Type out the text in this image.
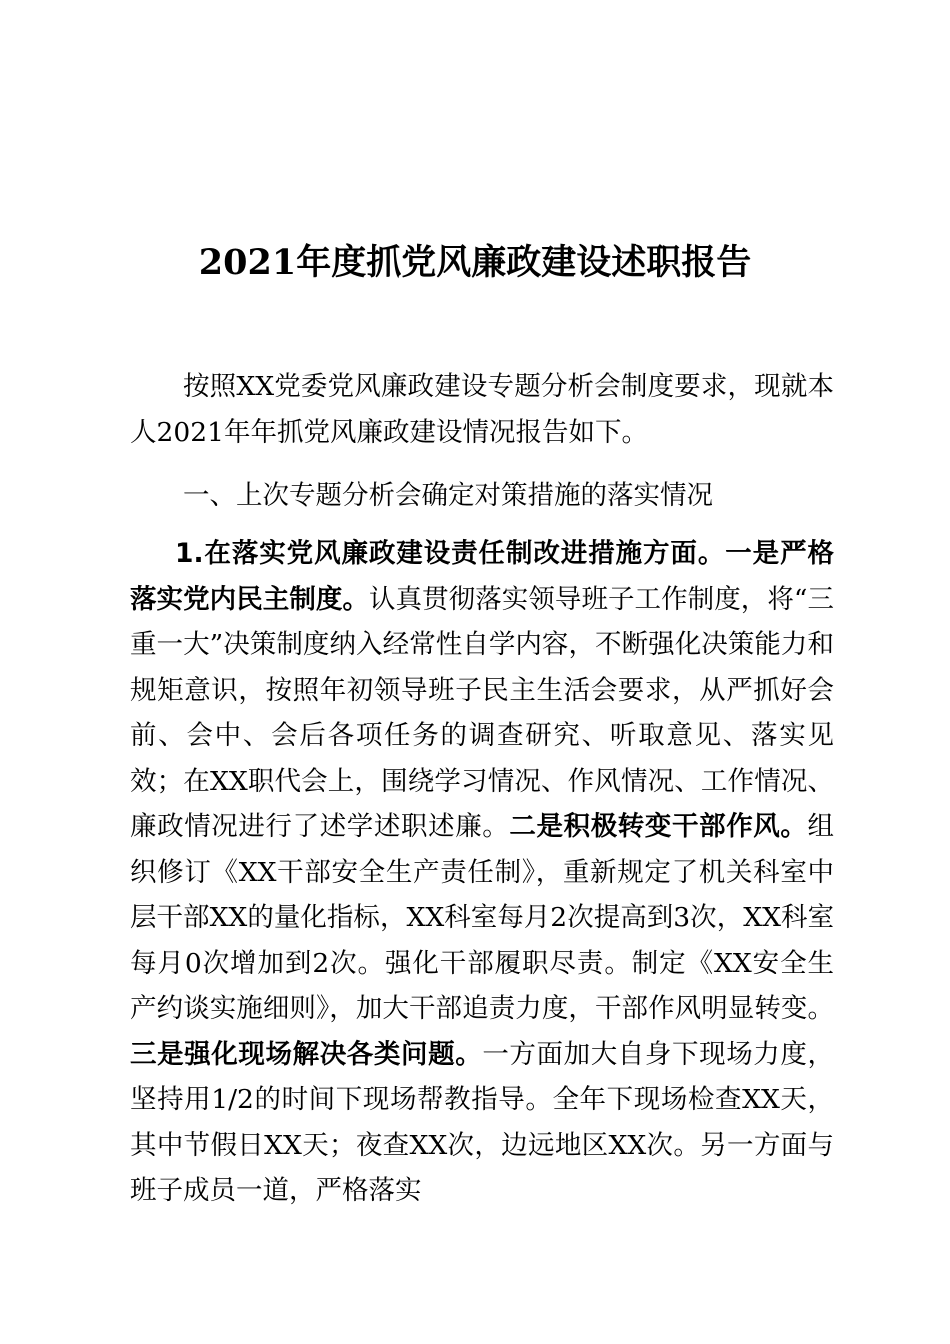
2021年度抓党风廉政建设述职报告
按照XX党委党风廉政建设专题分析会制度要求，现就本人2021年年抓党风廉政建设情况报告如下。
一、上次专题分析会确定对策措施的落实情况
1.在落实党风廉政建设责任制改进措施方面。一是严格落实党内民主制度。认真贯彻落实领导班子工作制度，将“三重一大”决策制度纳入经常性自学内容，不断强化决策能力和规矩意识，按照年初领导班子民主生活会要求，从严抓好会前、会中、会后各项任务的调查研究、听取意见、落实见效；在XX职代会上，围绕学习情况、作风情况、工作情况、廉政情况进行了述学述职述廉。二是积极转变干部作风。组织修订《XX干部安全生产责任制》，重新规定了机关科室中层干部XX的量化指标，XX科室每月2次提高到3次，XX科室每月0次增加到2次。强化干部履职尽责。制定《XX安全生产约谈实施细则》，加大干部追责力度，干部作风明显转变。三是强化现场解决各类问题。一方面加大自身下现场力度，坚持用1/2的时间下现场帮教指导。全年下现场检查XX天，其中节假日XX天；夜查XX次，边远地区XX次。另一方面与班子成员一道，严格落实
